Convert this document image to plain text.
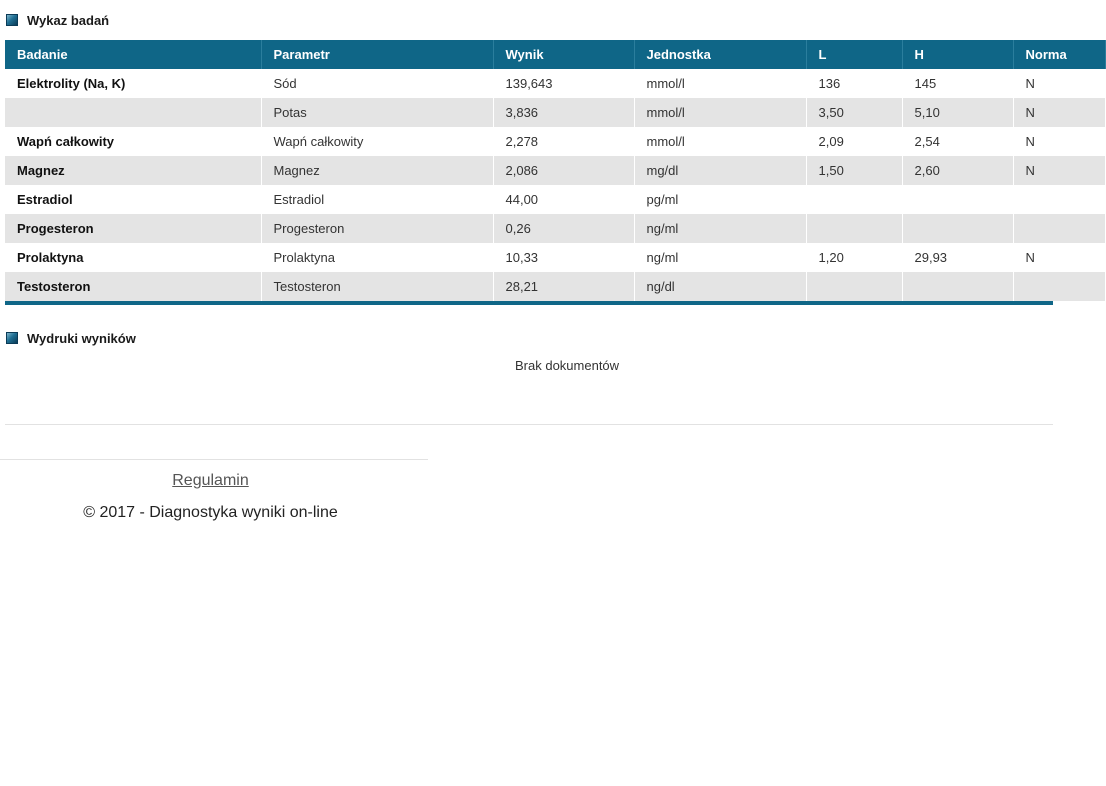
Wykaz badań
Badanie	Parametr	Wynik	Jednostka	L	H	Norma
Elektrolity (Na, K)	Sód	139,643	mmol/l	136	145	N
	Potas	3,836	mmol/l	3,50	5,10	N
Wapń całkowity	Wapń całkowity	2,278	mmol/l	2,09	2,54	N
Magnez	Magnez	2,086	mg/dl	1,50	2,60	N
Estradiol	Estradiol	44,00	pg/ml			
Progesteron	Progesteron	0,26	ng/ml			
Prolaktyna	Prolaktyna	10,33	ng/ml	1,20	29,93	N
Testosteron	Testosteron	28,21	ng/dl			
Wydruki wyników
Brak dokumentów
Regulamin
© 2017 - Diagnostyka wyniki on-line
